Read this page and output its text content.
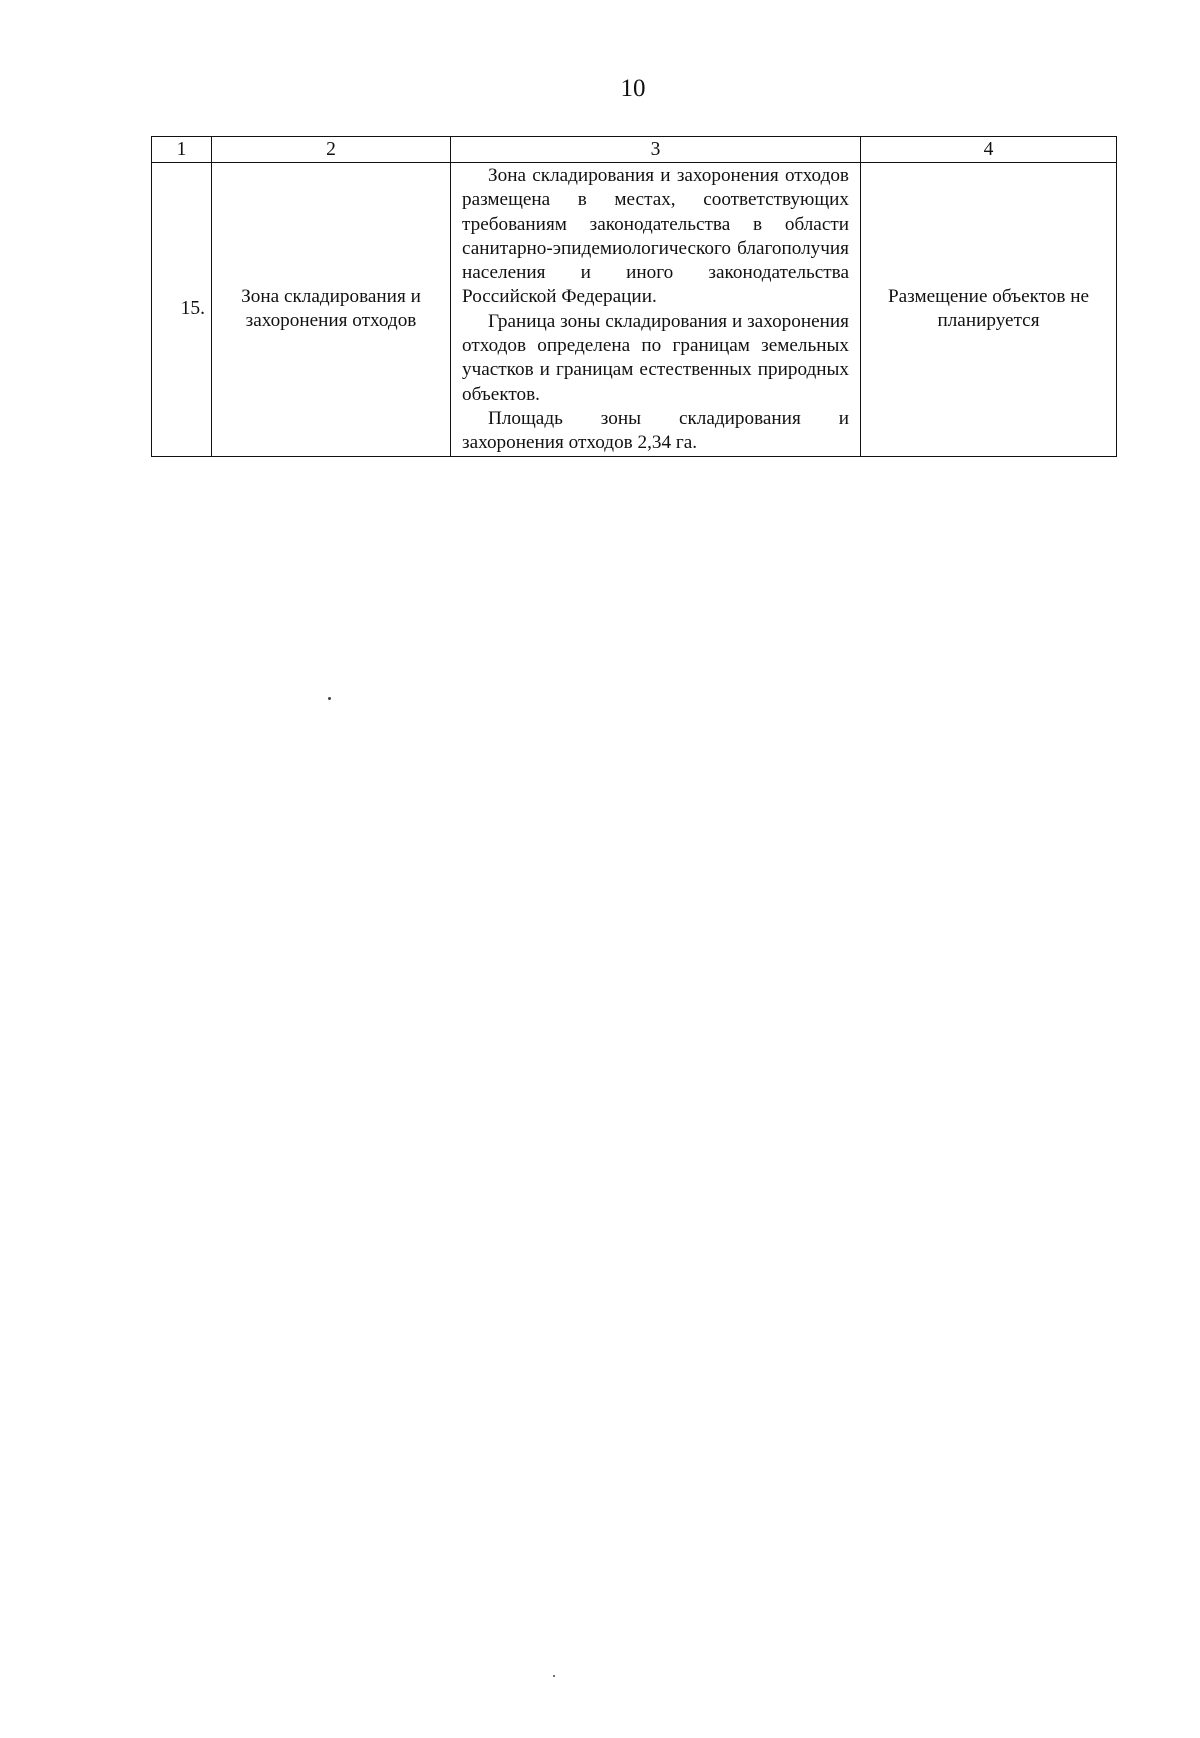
10
1	2	3	4
15.	Зона складирования и захоронения отходов	Зона складирования и захоронения отходов размещена в местах, соответствующих требованиям законодательства в области санитарно-эпидемиологического благополучия населения и иного законодательства Российской Федерации.

Граница зоны складирования и захоронения отходов определена по границам земельных участков и границам естественных природных объектов.

Площадь зоны складирования и захоронения отходов 2,34 га.	Размещение объектов не планируется
